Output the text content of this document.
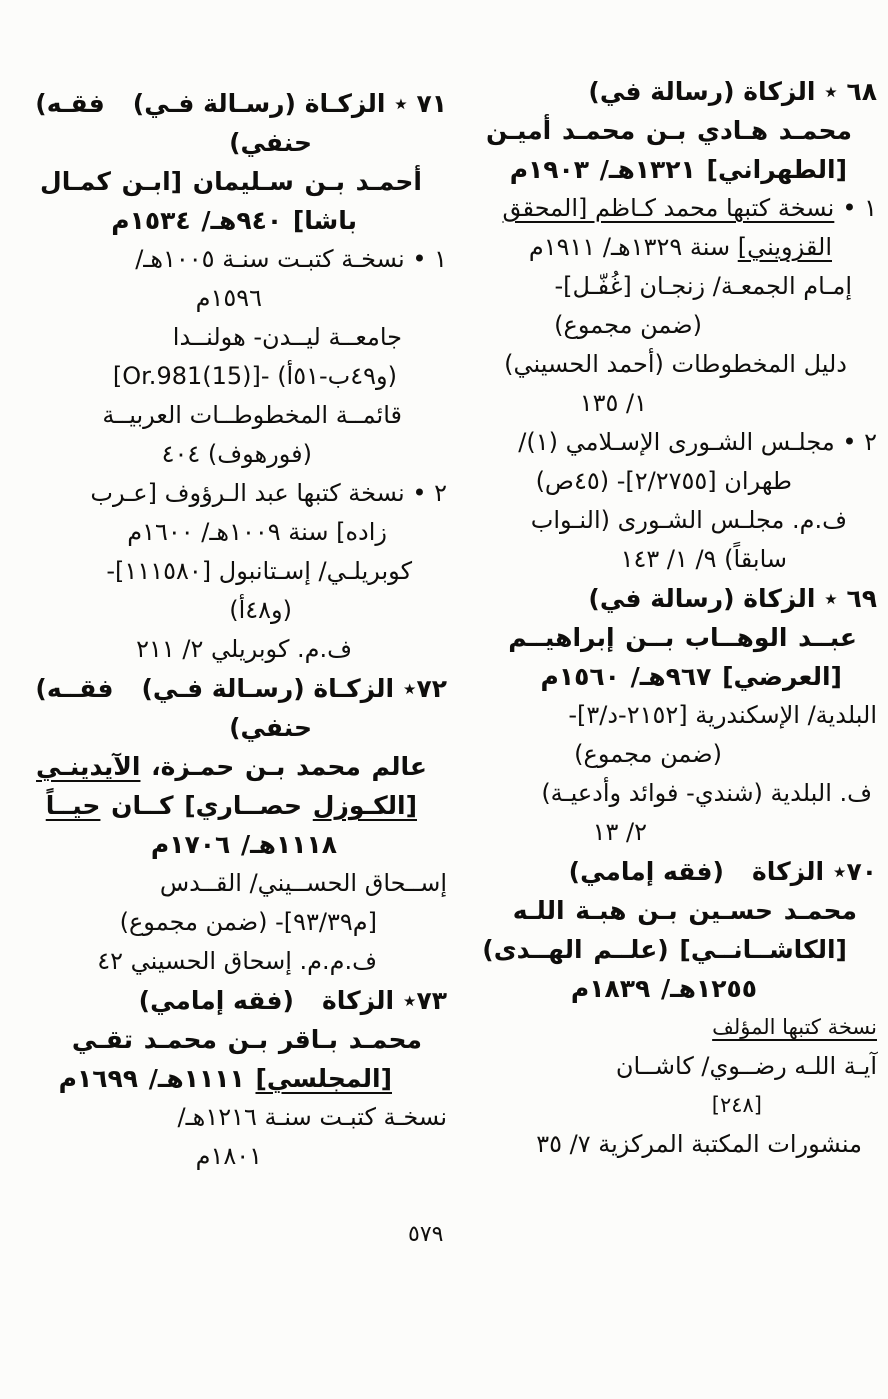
٦٨ ٭ الزكاة (رسالة في)
محمـد هـادي بـن محمـد أميـن
[الطهراني] ١٣٢١هـ/ ١٩٠٣م
١ •نسخة كتبها محمد كـاظم [المحقق
القزويني] سنة ١٣٢٩هـ/ ١٩١١م
إمـام الجمعـة/ زنجـان [غُفّـل]-
(ضمن مجموع)
دليل المخطوطات (أحمد الحسيني)
١/ ١٣٥
٢ • مجلـس الشـورى الإسـلامي (١)/
طهران [٢/٢٧٥٥]- (٤٥ص)
ف.م. مجلـس الشـورى (النـواب
سابقاً) ٩/ ١/ ١٤٣
٦٩ ٭ الزكاة (رسالة في)
عبــد الوهــاب بــن إبراهيــم
[العرضي] ٩٦٧هـ/ ١٥٦٠م
البلدية/ الإسكندرية [٢١٥٢-د/٣]-
(ضمن مجموع)
ف. البلدية (شندي- فوائد وأدعيـة)
٢/ ١٣
٧٠٭ الزكاة(فقه إمامي)
محمـد حسـين بـن هبـة اللـه
[الكاشــانــي] (علــم الهــدى)
١٢٥٥هـ/ ١٨٣٩م
نسخة كتبها المؤلف
آيـة اللـه رضــوي/ كاشــان
[٢٤٨]
منشورات المكتبة المركزية ٧/ ٣٥
٧١ ٭ الزكـاة (رسـالة فـي)(فقـه
حنفي)
أحمـد بـن سـليمان [ابـن كمـال
باشا] ٩٤٠هـ/ ١٥٣٤م
١ • نسخـة كتبـت سنـة ١٠٠٥هـ/
١٥٩٦م
جامعــة ليــدن- هولنــدا
(و٤٩ب-٥١أ) [Or.981(15)]-
قائمــة المخطوطــات العربيــة
(فورهوف) ٤٠٤
٢ • نسخة كتبها عبد الـرؤوف [عـرب
زاده] سنة ١٠٠٩هـ/ ١٦٠٠م
كوبريلـي/ إسـتانبول [١١١٥٨٠]-
(و٤٨أ)
ف.م. كوبريلي ٢/ ٢١١
٧٢٭ الزكـاة (رسـالة فـي)(فقــه
حنفي)
عالم محمد بـن حمـزة، الآيدينـي
[الكـوزل حصــاري] كــان حيــاً
١١١٨هـ/ ١٧٠٦م
إســحاق الحســيني/ القــدس
[م٩٣/٣٩]- (ضمن مجموع)
ف.م.م. إسحاق الحسيني ٤٢
٧٣٭ الزكاة(فقه إمامي)
محمـد بـاقر بـن محمـد تقـي
[المجلسي] ١١١١هـ/ ١٦٩٩م
نسخـة كتبـت سنـة ١٢١٦هـ/
١٨٠١م
٥٧٩
